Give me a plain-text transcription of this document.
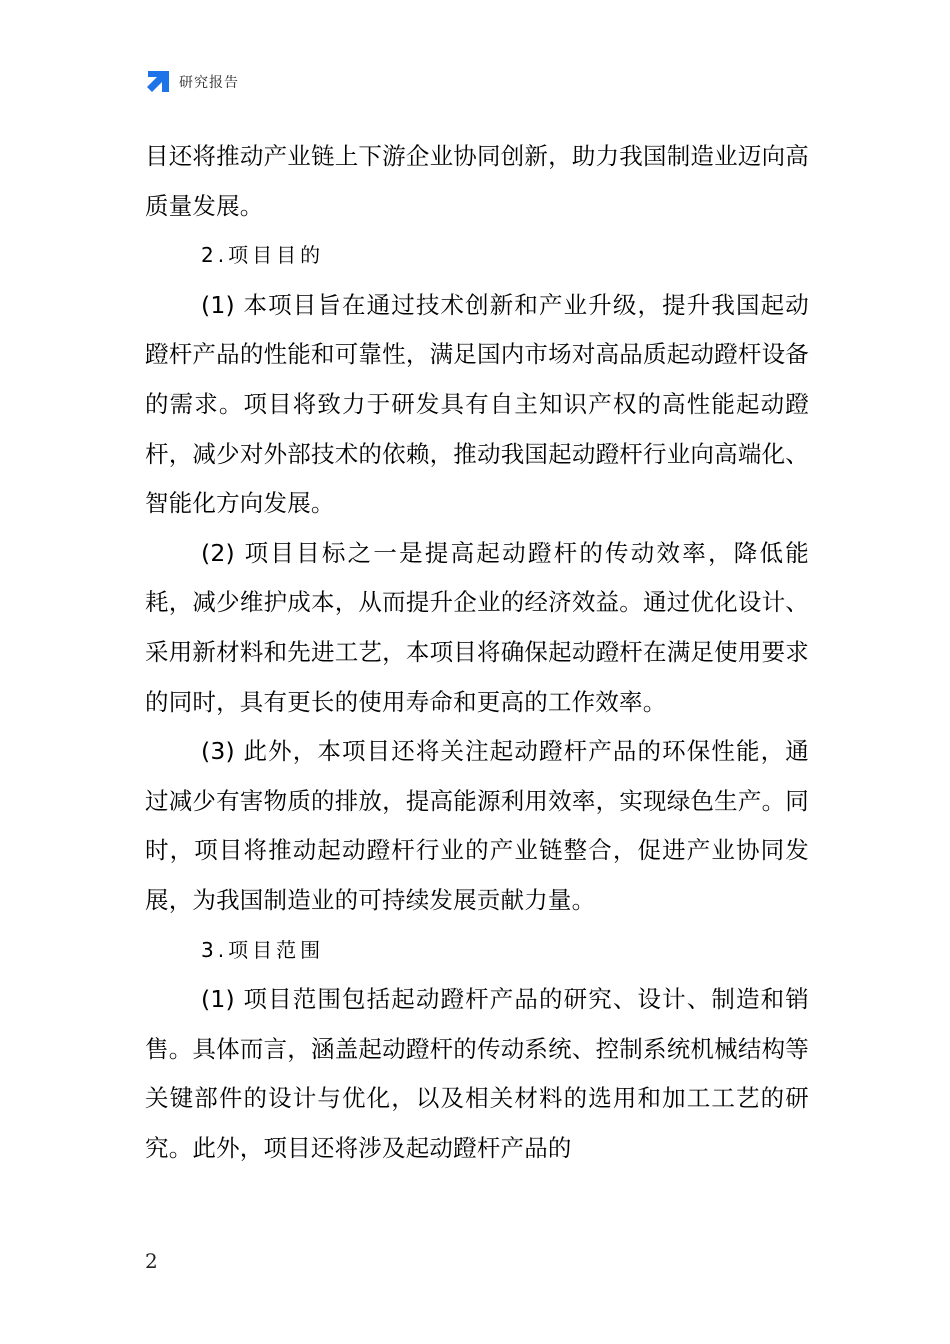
研究报告

目还将推动产业链上下游企业协同创新，助力我国制造业迈向高质量发展。

2.项目目的

(1) 本项目旨在通过技术创新和产业升级，提升我国起动蹬杆产品的性能和可靠性，满足国内市场对高品质起动蹬杆设备的需求。项目将致力于研发具有自主知识产权的高性能起动蹬杆，减少对外部技术的依赖，推动我国起动蹬杆行业向高端化、智能化方向发展。

(2) 项目目标之一是提高起动蹬杆的传动效率，降低能耗，减少维护成本，从而提升企业的经济效益。通过优化设计、采用新材料和先进工艺，本项目将确保起动蹬杆在满足使用要求的同时，具有更长的使用寿命和更高的工作效率。

(3) 此外，本项目还将关注起动蹬杆产品的环保性能，通过减少有害物质的排放，提高能源利用效率，实现绿色生产。同时，项目将推动起动蹬杆行业的产业链整合，促进产业协同发展，为我国制造业的可持续发展贡献力量。

3.项目范围

(1) 项目范围包括起动蹬杆产品的研究、设计、制造和销售。具体而言，涵盖起动蹬杆的传动系统、控制系统机械结构等关键部件的设计与优化，以及相关材料的选用和加工工艺的研究。此外，项目还将涉及起动蹬杆产品的

2
